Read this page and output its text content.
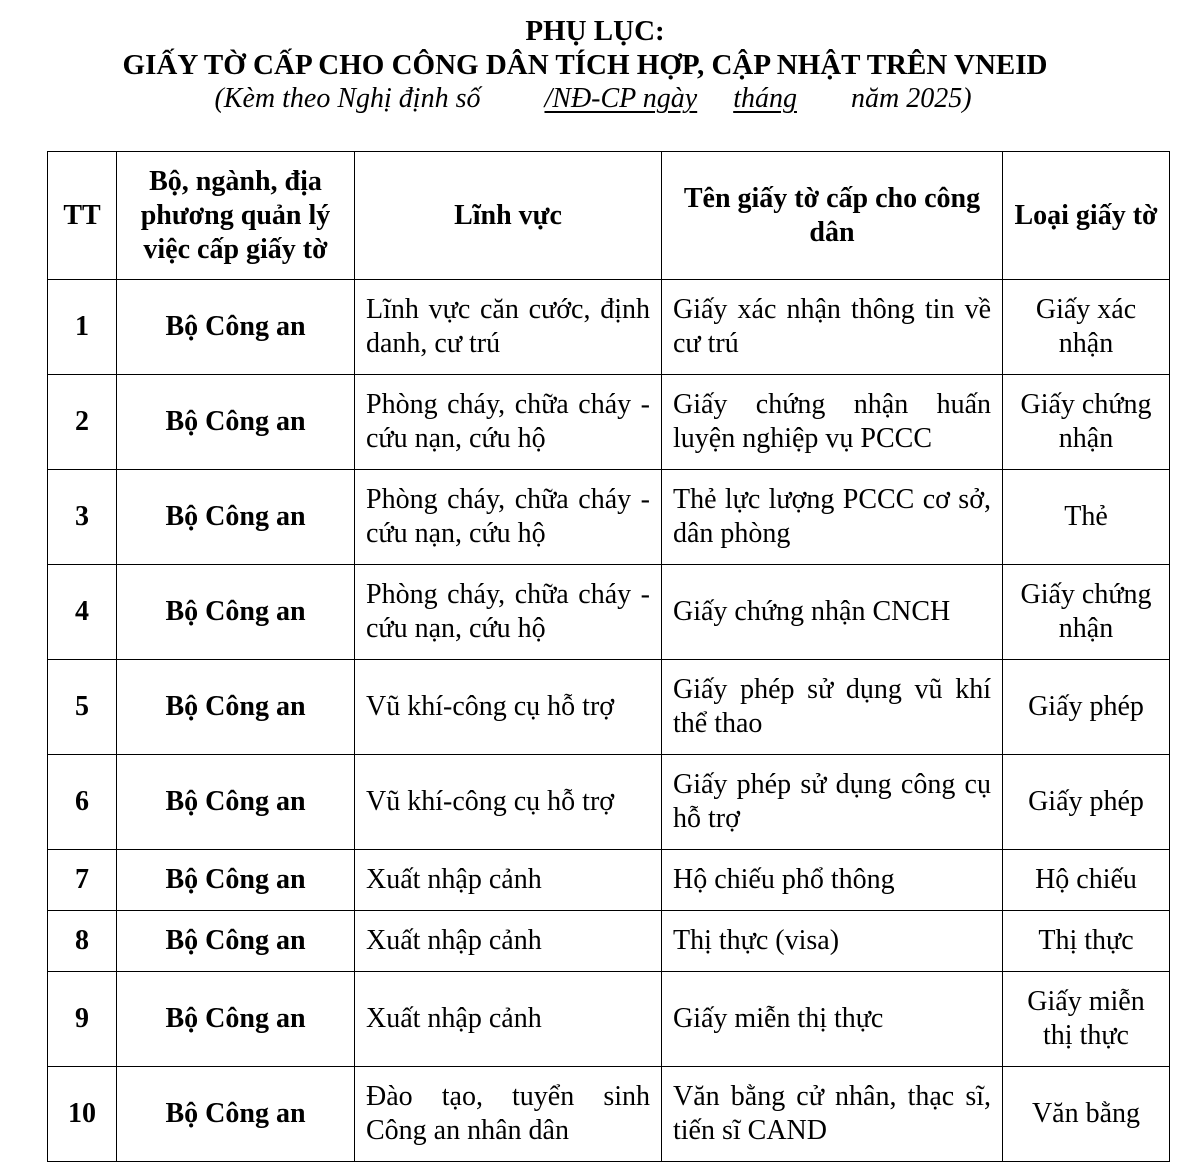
PHỤ LỤC:
GIẤY TỜ CẤP CHO CÔNG DÂN TÍCH HỢP, CẬP NHẬT TRÊN VNEID
(Kèm theo Nghị định số /NĐ-CP ngày tháng năm 2025)
TT	Bộ, ngành, địa phương quản lý việc cấp giấy tờ	Lĩnh vực	Tên giấy tờ cấp cho công dân	Loại giấy tờ
1	Bộ Công an	Lĩnh vực căn cước, định danh, cư trú	Giấy xác nhận thông tin về cư trú	Giấy xác nhận
2	Bộ Công an	Phòng cháy, chữa cháy - cứu nạn, cứu hộ	Giấy chứng nhận huấn luyện nghiệp vụ PCCC	Giấy chứng nhận
3	Bộ Công an	Phòng cháy, chữa cháy - cứu nạn, cứu hộ	Thẻ lực lượng PCCC cơ sở, dân phòng	Thẻ
4	Bộ Công an	Phòng cháy, chữa cháy - cứu nạn, cứu hộ	Giấy chứng nhận CNCH	Giấy chứng nhận
5	Bộ Công an	Vũ khí-công cụ hỗ trợ	Giấy phép sử dụng vũ khí thể thao	Giấy phép
6	Bộ Công an	Vũ khí-công cụ hỗ trợ	Giấy phép sử dụng công cụ hỗ trợ	Giấy phép
7	Bộ Công an	Xuất nhập cảnh	Hộ chiếu phổ thông	Hộ chiếu
8	Bộ Công an	Xuất nhập cảnh	Thị thực (visa)	Thị thực
9	Bộ Công an	Xuất nhập cảnh	Giấy miễn thị thực	Giấy miễn thị thực
10	Bộ Công an	Đào tạo, tuyển sinh Công an nhân dân	Văn bằng cử nhân, thạc sĩ, tiến sĩ CAND	Văn bằng
